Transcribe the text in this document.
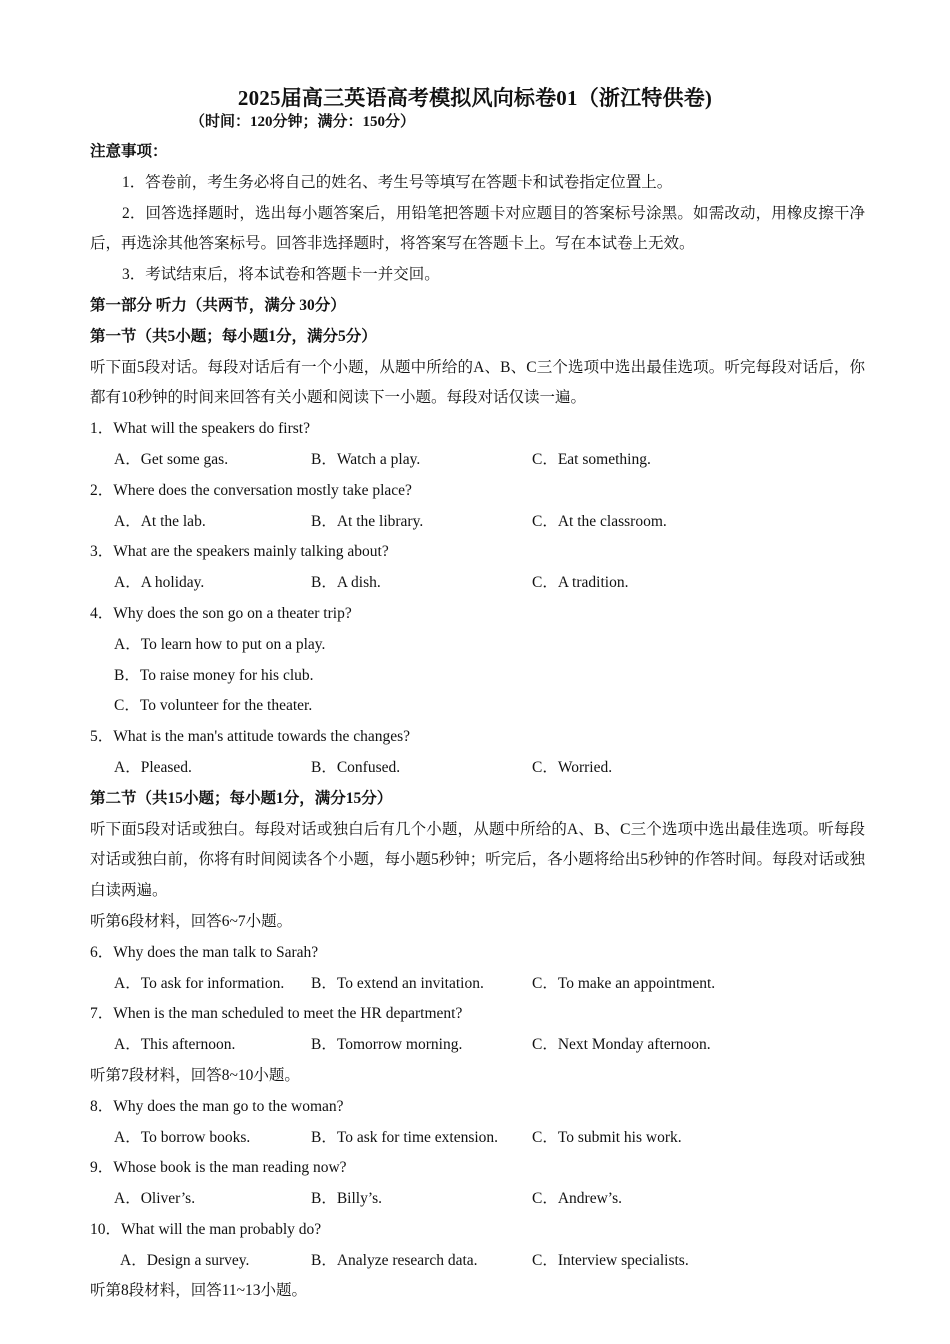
2025届高三英语高考模拟风向标卷01（浙江特供卷)
（时间：120分钟；满分：150分）
注意事项：
1．答卷前，考生务必将自己的姓名、考生号等填写在答题卡和试卷指定位置上。
2．回答选择题时，选出每小题答案后，用铅笔把答题卡对应题目的答案标号涂黑。如需改动，用橡皮擦干净后，再选涂其他答案标号。回答非选择题时，将答案写在答题卡上。写在本试卷上无效。
3．考试结束后，将本试卷和答题卡一并交回。
第一部分 听力（共两节，满分 30分）
第一节（共5小题；每小题1分，满分5分）
听下面5段对话。每段对话后有一个小题，从题中所给的A、B、C三个选项中选出最佳选项。听完每段对话后，你都有10秒钟的时间来回答有关小题和阅读下一小题。每段对话仅读一遍。
1．What will the speakers do first?
A．Get some gas.	B．Watch a play.	C．Eat something.
2．Where does the conversation mostly take place?
A．At the lab.	B．At the library.	C．At the classroom.
3．What are the speakers mainly talking about?
A．A holiday.	B．A dish.	C．A tradition.
4．Why does the son go on a theater trip?
A．To learn how to put on a play.
B．To raise money for his club.
C．To volunteer for the theater.
5．What is the man's attitude towards the changes?
A．Pleased.	B．Confused.	C．Worried.
第二节（共15小题；每小题1分，满分15分）
听下面5段对话或独白。每段对话或独白后有几个小题，从题中所给的A、B、C三个选项中选出最佳选项。听每段对话或独白前，你将有时间阅读各个小题，每小题5秒钟；听完后，各小题将给出5秒钟的作答时间。每段对话或独白读两遍。
听第6段材料，回答6~7小题。
6．Why does the man talk to Sarah?
A．To ask for information. B．To extend an invitation.	C．To make an appointment.
7．When is the man scheduled to meet the HR department?
A．This afternoon.	B．Tomorrow morning.	C．Next Monday afternoon.
听第7段材料，回答8~10小题。
8．Why does the man go to the woman?
A．To borrow books.	B．To ask for time extension. C．To submit his work.
9．Whose book is the man reading now?
A．Oliver’s.	B．Billy’s.	C．Andrew’s.
10．What will the man probably do?
A．Design a survey.	B．Analyze research data.	C．Interview specialists.
听第8段材料，回答11~13小题。
